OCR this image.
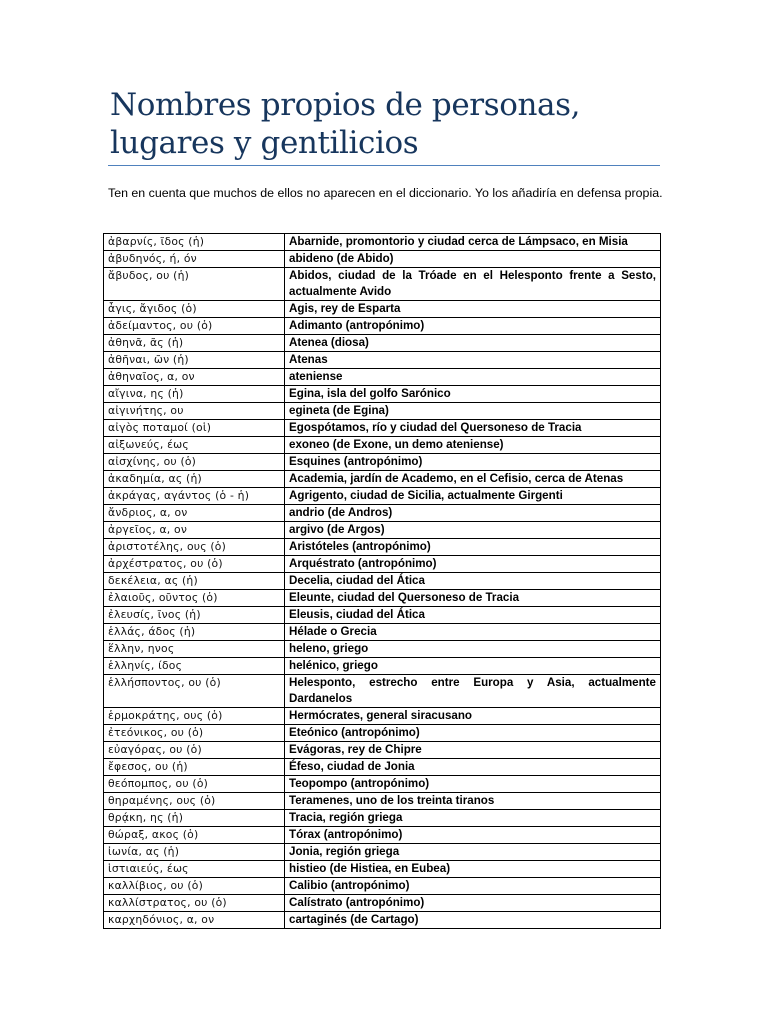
Nombres propios de personas,
lugares y gentilicios

Ten en cuenta que muchos de ellos no aparecen en el diccionario. Yo los añadiría en defensa propia.

ἀβαρνίς, ῖδος (ἡ)	Abarnide, promontorio y ciudad cerca de Lámpsaco, en Misia
ἀβυδηνός, ή, όν	abideno (de Abido)
ἄβυδος, ου (ἡ)	Abidos, ciudad de la Tróade en el Helesponto frente a Sesto, actualmente Avido
ἆγις, ἄγιδος (ὁ)	Agis, rey de Esparta
ἀδείμαντος, ου (ὁ)	Adimanto (antropónimo)
ἀθηνᾶ, ᾶς (ἡ)	Atenea (diosa)
ἀθῆναι, ῶν (ἡ)	Atenas
ἀθηναῖος, α, ον	ateniense
αἴγινα, ης (ἡ)	Egina, isla del golfo Sarónico
αἰγινήτης, ου	egineta (de Egina)
αἰγὸς ποταμοί (οἱ)	Egospótamos, río y ciudad del Quersoneso de Tracia
αἰξωνεύς, έως	exoneo (de Exone, un demo ateniense)
αἰσχίνης, ου (ὁ)	Esquines (antropónimo)
ἀκαδημία, ας (ἡ)	Academia, jardín de Academo, en el Cefisio, cerca de Atenas
ἀκράγας, αγάντος (ὁ - ἡ)	Agrigento, ciudad de Sicilia, actualmente Girgenti
ἄνδριος, α, ον	andrio (de Andros)
ἀργεῖος, α, ον	argivo (de Argos)
ἀριστοτέλης, ους (ὁ)	Aristóteles (antropónimo)
ἀρχέστρατος, ου (ὁ)	Arquéstrato (antropónimo)
δεκέλεια, ας (ἡ)	Decelia, ciudad del Ática
ἐλαιοῦς, οῦντος (ὁ)	Eleunte, ciudad del Quersoneso de Tracia
ἐλευσίς, ῖνος (ἡ)	Eleusis, ciudad del Ática
ἑλλάς, άδος (ἡ)	Hélade o Grecia
ἕλλην, ηνος	heleno, griego
ἑλληνίς, ίδος	helénico, griego
ἑλλήσποντος, ου (ὁ)	Helesponto, estrecho entre Europa y Asia, actualmente Dardanelos
ἑρμοκράτης, ους (ὁ)	Hermócrates, general siracusano
ἐτεόνικος, ου (ὁ)	Eteónico (antropónimo)
εὐαγόρας, ου (ὁ)	Evágoras, rey de Chipre
ἔφεσος, ου (ἡ)	Éfeso, ciudad de Jonia
θεόπομπος, ου (ὁ)	Teopompo (antropónimo)
θηραμένης, ους (ὁ)	Teramenes, uno de los treinta tiranos
θρᾴκη, ης (ἡ)	Tracia, región griega
θώραξ, ακος (ὁ)	Tórax (antropónimo)
ἰωνία, ας (ἡ)	Jonia, región griega
ἱστιαιεύς, έως	histieo (de Histiea, en Eubea)
καλλίβιος, ου (ὁ)	Calibio (antropónimo)
καλλίστρατος, ου (ὁ)	Calístrato (antropónimo)
καρχηδόνιος, α, ον	cartaginés (de Cartago)
